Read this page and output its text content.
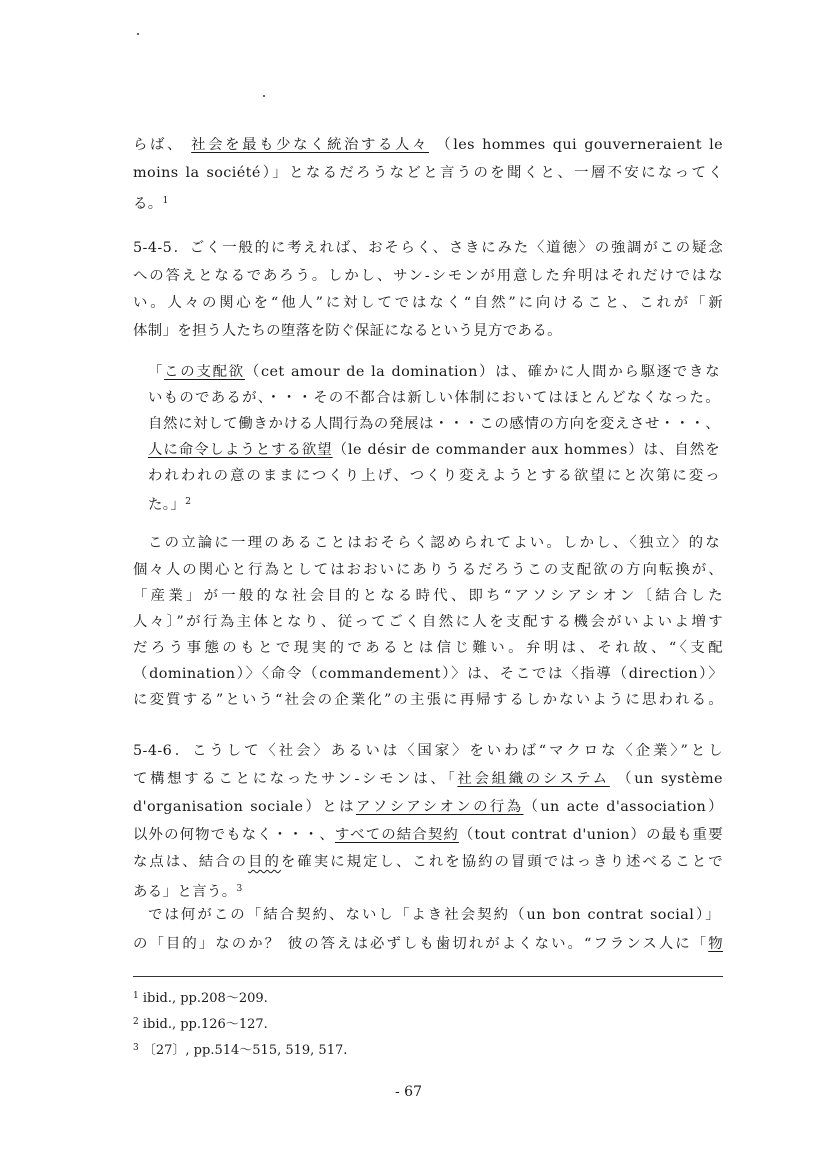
らば、 社会を最も少なく統治する人々 （les hommes qui gouverneraient le
moins la société）」となるだろうなどと言うのを聞くと、一層不安になってく
る。$^1$
5-4-5．ごく一般的に考えれば、おそらく、さきにみた〈道徳〉の強調がこの疑念
への答えとなるであろう。しかし、サン-シモンが用意した弁明はそれだけではな
い。人々の関心を“他人”に対してではなく“自然”に向けること、これが「新
体制」を担う人たちの堕落を防ぐ保証になるという見方である。
「この支配欲（cet amour de la domination）は、確かに人間から駆逐できな
いものであるが、・・・その不都合は新しい体制においてはほとんどなくなった。
自然に対して働きかける人間行為の発展は・・・この感情の方向を変えさせ・・・、
人に命令しようとする欲望（le désir de commander aux hommes）は、自然を
われわれの意のままにつくり上げ、つくり変えようとする欲望にと次第に変っ
た。」$^2$
この立論に一理のあることはおそらく認められてよい。しかし、〈独立〉的な
個々人の関心と行為としてはおおいにありうるだろうこの支配欲の方向転換が、
「産業」が一般的な社会目的となる時代、即ち“アソシアシオン〔結合した
人々〕”が行為主体となり、従ってごく自然に人を支配する機会がいよいよ増す
だろう事態のもとで現実的であるとは信じ難い。弁明は、それ故、“〈支配
（domination）〉〈命令（commandement）〉は、そこでは〈指導（direction）〉
に変質する”という“社会の企業化”の主張に再帰するしかないように思われる。
5-4-6．こうして〈社会〉あるいは〈国家〉をいわば“マクロな〈企業〉”とし
て構想することになったサン-シモンは、「社会組織のシステム （un système
d'organisation sociale）とはアソシアシオンの行為（un acte d'association）
以外の何物でもなく・・・、すべての結合契約（tout contrat d'union）の最も重要
な点は、結合の目的を確実に規定し、これを協約の冒頭ではっきり述べることで
ある」と言う。$^3$
では何がこの「結合契約、ないし「よき社会契約（un bon contrat social）」
の「目的」なのか？ 彼の答えは必ずしも歯切れがよくない。“フランス人に「物
$^1$ ibid., pp.208〜209.
$^2$ ibid., pp.126〜127.
$^3$ 〔27〕, pp.514〜515, 519, 517.
- 67
